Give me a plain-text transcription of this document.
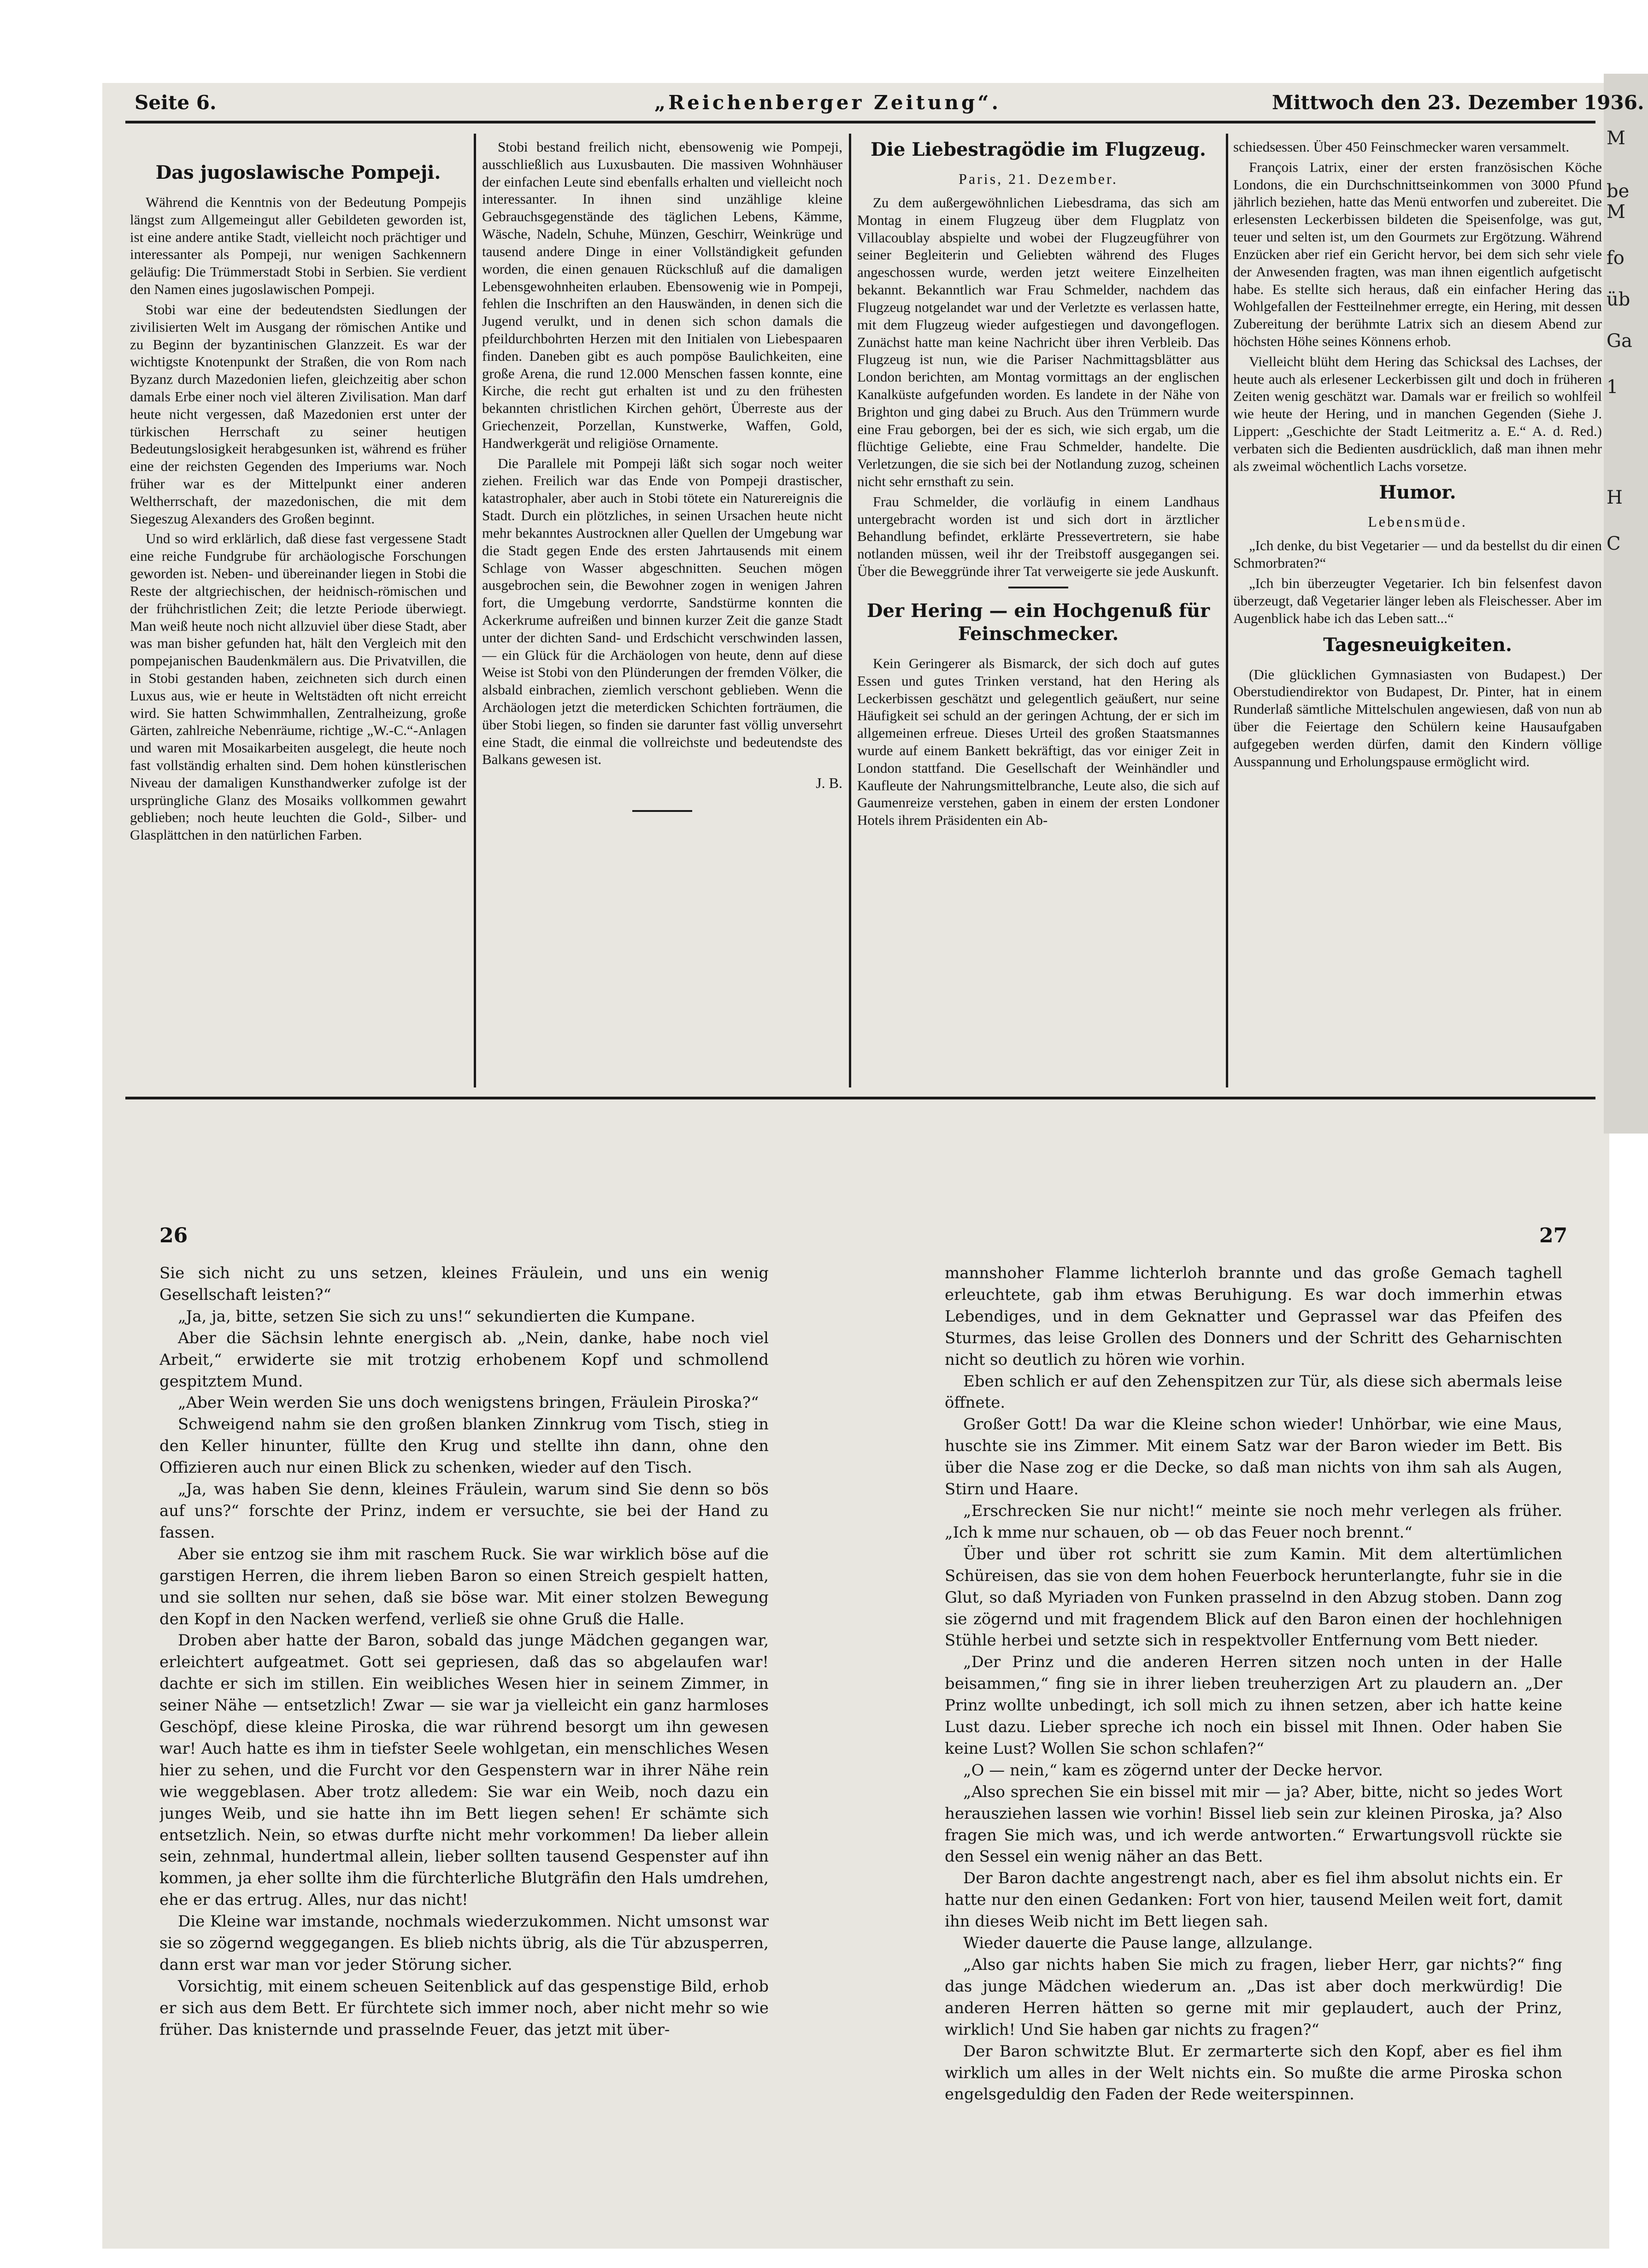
M
be
M
fo
üb
Ga
1
H
C
Seite 6.	„Reichenberger Zeitung“.	Mittwoch den 23. Dezember 1936.
Das jugoslawische Pompeji.

Während die Kenntnis von der Bedeutung Pompejis längst zum Allgemeingut aller Gebildeten geworden ist, ist eine andere antike Stadt, vielleicht noch prächtiger und interessanter als Pompeji, nur wenigen Sachkennern geläufig: Die Trümmerstadt Stobi in Serbien. Sie verdient den Namen eines jugoslawischen Pompeji.

Stobi war eine der bedeutendsten Siedlungen der zivilisierten Welt im Ausgang der römischen Antike und zu Beginn der byzantinischen Glanzzeit. Es war der wichtigste Knotenpunkt der Straßen, die von Rom nach Byzanz durch Mazedonien liefen, gleichzeitig aber schon damals Erbe einer noch viel älteren Zivilisation. Man darf heute nicht vergessen, daß Mazedonien erst unter der türkischen Herrschaft zu seiner heutigen Bedeutungslosigkeit herabgesunken ist, während es früher eine der reichsten Gegenden des Imperiums war. Noch früher war es der Mittelpunkt einer anderen Weltherrschaft, der mazedonischen, die mit dem Siegeszug Alexanders des Großen beginnt.

Und so wird erklärlich, daß diese fast vergessene Stadt eine reiche Fundgrube für archäologische Forschungen geworden ist. Neben- und übereinander liegen in Stobi die Reste der altgriechischen, der heidnisch-römischen und der frühchristlichen Zeit; die letzte Periode überwiegt. Man weiß heute noch nicht allzuviel über diese Stadt, aber was man bisher gefunden hat, hält den Vergleich mit den pompejanischen Baudenkmälern aus. Die Privatvillen, die in Stobi gestanden haben, zeichneten sich durch einen Luxus aus, wie er heute in Weltstädten oft nicht erreicht wird. Sie hatten Schwimmhallen, Zentralheizung, große Gärten, zahlreiche Nebenräume, richtige „W.-C.“-Anlagen und waren mit Mosaikarbeiten ausgelegt, die heute noch fast vollständig erhalten sind. Dem hohen künstlerischen Niveau der damaligen Kunsthandwerker zufolge ist der ursprüngliche Glanz des Mosaiks vollkommen gewahrt geblieben; noch heute leuchten die Gold-, Silber- und Glasplättchen in den natürlichen Farben.

Stobi bestand freilich nicht, ebensowenig wie Pompeji, ausschließlich aus Luxusbauten. Die massiven Wohnhäuser der einfachen Leute sind ebenfalls erhalten und vielleicht noch interessanter. In ihnen sind unzählige kleine Gebrauchsgegenstände des täglichen Lebens, Kämme, Wäsche, Nadeln, Schuhe, Münzen, Geschirr, Weinkrüge und tausend andere Dinge in einer Vollständigkeit gefunden worden, die einen genauen Rückschluß auf die damaligen Lebensgewohnheiten erlauben. Ebensowenig wie in Pompeji, fehlen die Inschriften an den Hauswänden, in denen sich die Jugend verulkt, und in denen sich schon damals die pfeildurchbohrten Herzen mit den Initialen von Liebespaaren finden. Daneben gibt es auch pompöse Baulichkeiten, eine große Arena, die rund 12.000 Menschen fassen konnte, eine Kirche, die recht gut erhalten ist und zu den frühesten bekannten christlichen Kirchen gehört, Überreste aus der Griechenzeit, Porzellan, Kunstwerke, Waffen, Gold, Handwerkgerät und religiöse Ornamente.

Die Parallele mit Pompeji läßt sich sogar noch weiter ziehen. Freilich war das Ende von Pompeji drastischer, katastrophaler, aber auch in Stobi tötete ein Naturereignis die Stadt. Durch ein plötzliches, in seinen Ursachen heute nicht mehr bekanntes Austrocknen aller Quellen der Umgebung war die Stadt gegen Ende des ersten Jahrtausends mit einem Schlage von Wasser abgeschnitten. Seuchen mögen ausgebrochen sein, die Bewohner zogen in wenigen Jahren fort, die Umgebung verdorrte, Sandstürme konnten die Ackerkrume aufreißen und binnen kurzer Zeit die ganze Stadt unter der dichten Sand- und Erdschicht verschwinden lassen, — ein Glück für die Archäologen von heute, denn auf diese Weise ist Stobi von den Plünderungen der fremden Völker, die alsbald einbrachen, ziemlich verschont geblieben. Wenn die Archäologen jetzt die meterdicken Schichten forträumen, die über Stobi liegen, so finden sie darunter fast völlig unversehrt eine Stadt, die einmal die vollreichste und bedeutendste des Balkans gewesen ist.

J. B.
Die Liebestragödie im Flugzeug.
Paris, 21. Dezember.

Zu dem außergewöhnlichen Liebesdrama, das sich am Montag in einem Flugzeug über dem Flugplatz von Villacoublay abspielte und wobei der Flugzeugführer von seiner Begleiterin und Geliebten während des Fluges angeschossen wurde, werden jetzt weitere Einzelheiten bekannt. Bekanntlich war Frau Schmelder, nachdem das Flugzeug notgelandet war und der Verletzte es verlassen hatte, mit dem Flugzeug wieder aufgestiegen und davongeflogen. Zunächst hatte man keine Nachricht über ihren Verbleib. Das Flugzeug ist nun, wie die Pariser Nachmittagsblätter aus London berichten, am Montag vormittags an der englischen Kanalküste aufgefunden worden. Es landete in der Nähe von Brighton und ging dabei zu Bruch. Aus den Trümmern wurde eine Frau geborgen, bei der es sich, wie sich ergab, um die flüchtige Geliebte, eine Frau Schmelder, handelte. Die Verletzungen, die sie sich bei der Notlandung zuzog, scheinen nicht sehr ernsthaft zu sein.

Frau Schmelder, die vorläufig in einem Landhaus untergebracht worden ist und sich dort in ärztlicher Behandlung befindet, erklärte Pressevertretern, sie habe notlanden müssen, weil ihr der Treibstoff ausgegangen sei. Über die Beweggründe ihrer Tat verweigerte sie jede Auskunft.

Der Hering — ein Hochgenuß für Feinschmecker.

Kein Geringerer als Bismarck, der sich doch auf gutes Essen und gutes Trinken verstand, hat den Hering als Leckerbissen geschätzt und gelegentlich geäußert, nur seine Häufigkeit sei schuld an der geringen Achtung, der er sich im allgemeinen erfreue. Dieses Urteil des großen Staatsmannes wurde auf einem Bankett bekräftigt, das vor einiger Zeit in London stattfand. Die Gesellschaft der Weinhändler und Kaufleute der Nahrungsmittelbranche, Leute also, die sich auf Gaumenreize verstehen, gaben in einem der ersten Londoner Hotels ihrem Präsidenten ein Ab-

schiedsessen. Über 450 Feinschmecker waren versammelt.

François Latrix, einer der ersten französischen Köche Londons, die ein Durchschnittseinkommen von 3000 Pfund jährlich beziehen, hatte das Menü entworfen und zubereitet. Die erlesensten Leckerbissen bildeten die Speisenfolge, was gut, teuer und selten ist, um den Gourmets zur Ergötzung. Während Enzücken aber rief ein Gericht hervor, bei dem sich sehr viele der Anwesenden fragten, was man ihnen eigentlich aufgetischt habe. Es stellte sich heraus, daß ein einfacher Hering das Wohlgefallen der Festteilnehmer erregte, ein Hering, mit dessen Zubereitung der berühmte Latrix sich an diesem Abend zur höchsten Höhe seines Könnens erhob.

Vielleicht blüht dem Hering das Schicksal des Lachses, der heute auch als erlesener Leckerbissen gilt und doch in früheren Zeiten wenig geschätzt war. Damals war er freilich so wohlfeil wie heute der Hering, und in manchen Gegenden (Siehe J. Lippert: „Geschichte der Stadt Leitmeritz a. E.“ A. d. Red.) verbaten sich die Bedienten ausdrücklich, daß man ihnen mehr als zweimal wöchentlich Lachs vorsetze.

Humor.
Lebensmüde.

„Ich denke, du bist Vegetarier — und da bestellst du dir einen Schmorbraten?“

„Ich bin überzeugter Vegetarier. Ich bin felsenfest davon überzeugt, daß Vegetarier länger leben als Fleischesser. Aber im Augenblick habe ich das Leben satt...“

Tagesneuigkeiten.

(Die glücklichen Gymnasiasten von Budapest.) Der Oberstudiendirektor von Budapest, Dr. Pinter, hat in einem Runderlaß sämtliche Mittelschulen angewiesen, daß von nun ab über die Feiertage den Schülern keine Hausaufgaben aufgegeben werden dürfen, damit den Kindern völlige Ausspannung und Erholungspause ermöglicht wird.

26	27

Sie sich nicht zu uns setzen, kleines Fräulein, und uns ein wenig Gesellschaft leisten?“

„Ja, ja, bitte, setzen Sie sich zu uns!“ sekundierten die Kumpane.

Aber die Sächsin lehnte energisch ab. „Nein, danke, habe noch viel Arbeit,“ erwiderte sie mit trotzig erhobenem Kopf und schmollend gespitztem Mund.

„Aber Wein werden Sie uns doch wenigstens bringen, Fräulein Piroska?“

Schweigend nahm sie den großen blanken Zinnkrug vom Tisch, stieg in den Keller hinunter, füllte den Krug und stellte ihn dann, ohne den Offizieren auch nur einen Blick zu schenken, wieder auf den Tisch.

„Ja, was haben Sie denn, kleines Fräulein, warum sind Sie denn so bös auf uns?“ forschte der Prinz, indem er versuchte, sie bei der Hand zu fassen.

Aber sie entzog sie ihm mit raschem Ruck. Sie war wirklich böse auf die garstigen Herren, die ihrem lieben Baron so einen Streich gespielt hatten, und sie sollten nur sehen, daß sie böse war. Mit einer stolzen Bewegung den Kopf in den Nacken werfend, verließ sie ohne Gruß die Halle.

Droben aber hatte der Baron, sobald das junge Mädchen gegangen war, erleichtert aufgeatmet. Gott sei gepriesen, daß das so abgelaufen war! dachte er sich im stillen. Ein weibliches Wesen hier in seinem Zimmer, in seiner Nähe — entsetzlich! Zwar — sie war ja vielleicht ein ganz harmloses Geschöpf, diese kleine Piroska, die war rührend besorgt um ihn gewesen war! Auch hatte es ihm in tiefster Seele wohlgetan, ein menschliches Wesen hier zu sehen, und die Furcht vor den Gespenstern war in ihrer Nähe rein wie weggeblasen. Aber trotz alledem: Sie war ein Weib, noch dazu ein junges Weib, und sie hatte ihn im Bett liegen sehen! Er schämte sich entsetzlich. Nein, so etwas durfte nicht mehr vorkommen! Da lieber allein sein, zehnmal, hundertmal allein, lieber sollten tausend Gespenster auf ihn kommen, ja eher sollte ihm die fürchterliche Blutgräfin den Hals umdrehen, ehe er das ertrug. Alles, nur das nicht!

Die Kleine war imstande, nochmals wiederzukommen. Nicht umsonst war sie so zögernd weggegangen. Es blieb nichts übrig, als die Tür abzusperren, dann erst war man vor jeder Störung sicher.

Vorsichtig, mit einem scheuen Seitenblick auf das gespenstige Bild, erhob er sich aus dem Bett. Er fürchtete sich immer noch, aber nicht mehr so wie früher. Das knisternde und prasselnde Feuer, das jetzt mit über-

mannshoher Flamme lichterloh brannte und das große Gemach taghell erleuchtete, gab ihm etwas Beruhigung. Es war doch immerhin etwas Lebendiges, und in dem Geknatter und Geprassel war das Pfeifen des Sturmes, das leise Grollen des Donners und der Schritt des Geharnischten nicht so deutlich zu hören wie vorhin.

Eben schlich er auf den Zehenspitzen zur Tür, als diese sich abermals leise öffnete.

Großer Gott! Da war die Kleine schon wieder! Unhörbar, wie eine Maus, huschte sie ins Zimmer. Mit einem Satz war der Baron wieder im Bett. Bis über die Nase zog er die Decke, so daß man nichts von ihm sah als Augen, Stirn und Haare.

„Erschrecken Sie nur nicht!“ meinte sie noch mehr verlegen als früher. „Ich k mme nur schauen, ob — ob das Feuer noch brennt.“

Über und über rot schritt sie zum Kamin. Mit dem altertümlichen Schüreisen, das sie von dem hohen Feuerbock herunterlangte, fuhr sie in die Glut, so daß Myriaden von Funken prasselnd in den Abzug stoben. Dann zog sie zögernd und mit fragendem Blick auf den Baron einen der hochlehnigen Stühle herbei und setzte sich in respektvoller Entfernung vom Bett nieder.

„Der Prinz und die anderen Herren sitzen noch unten in der Halle beisammen,“ fing sie in ihrer lieben treuherzigen Art zu plaudern an. „Der Prinz wollte unbedingt, ich soll mich zu ihnen setzen, aber ich hatte keine Lust dazu. Lieber spreche ich noch ein bissel mit Ihnen. Oder haben Sie keine Lust? Wollen Sie schon schlafen?“

„O — nein,“ kam es zögernd unter der Decke hervor.

„Also sprechen Sie ein bissel mit mir — ja? Aber, bitte, nicht so jedes Wort herausziehen lassen wie vorhin! Bissel lieb sein zur kleinen Piroska, ja? Also fragen Sie mich was, und ich werde antworten.“ Erwartungsvoll rückte sie den Sessel ein wenig näher an das Bett.

Der Baron dachte angestrengt nach, aber es fiel ihm absolut nichts ein. Er hatte nur den einen Gedanken: Fort von hier, tausend Meilen weit fort, damit ihn dieses Weib nicht im Bett liegen sah.

Wieder dauerte die Pause lange, allzulange.

„Also gar nichts haben Sie mich zu fragen, lieber Herr, gar nichts?“ fing das junge Mädchen wiederum an. „Das ist aber doch merkwürdig! Die anderen Herren hätten so gerne mit mir geplaudert, auch der Prinz, wirklich! Und Sie haben gar nichts zu fragen?“

Der Baron schwitzte Blut. Er zermarterte sich den Kopf, aber es fiel ihm wirklich um alles in der Welt nichts ein. So mußte die arme Piroska schon engelsgeduldig den Faden der Rede weiterspinnen.
